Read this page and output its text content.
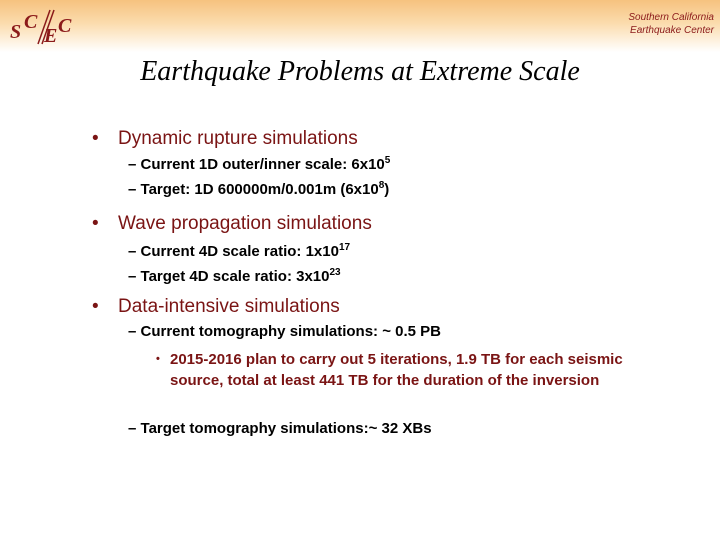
S C
E C	Southern California
Earthquake Center
Earthquake Problems at Extreme Scale
• Dynamic rupture simulations
– Current 1D outer/inner scale: $6x10^5$
– Target: 1D 600000m/0.001m $(6x10^8)$
• Wave propagation simulations
– Current 4D scale ratio: $1x10^{17}$
– Target 4D scale ratio: $3x10^{23}$
• Data-intensive simulations
– Current tomography simulations: ~ 0.5 PB
• 2015-2016 plan to carry out 5 iterations, 1.9 TB for each seismic source, total at least 441 TB for the duration of the inversion
– Target tomography simulations:~ 32 XBs
